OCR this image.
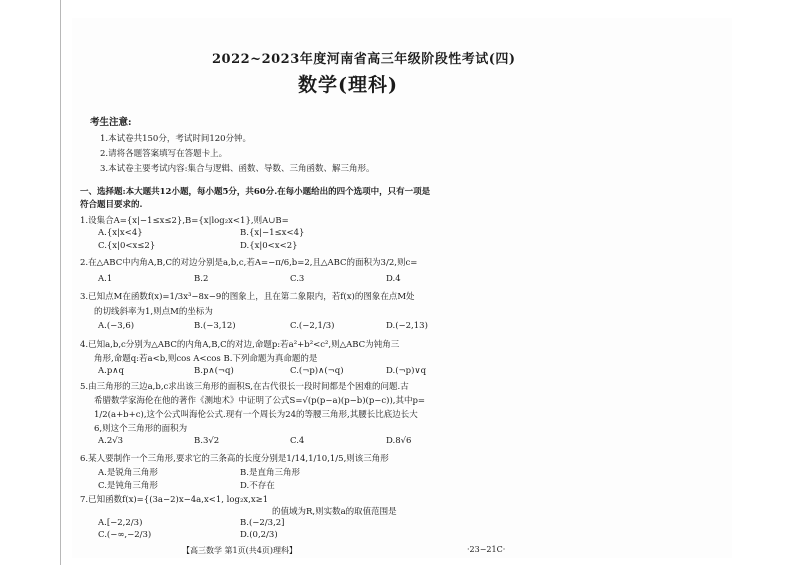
2022~2023年度河南省高三年级阶段性考试(四)
数学(理科)
考生注意:
1.本试卷共150分，考试时间120分钟。
2.请将各题答案填写在答题卡上。
3.本试卷主要考试内容:集合与逻辑、函数、导数、三角函数、解三角形。
一、选择题:本大题共12小题，每小题5分，共60分.在每小题给出的四个选项中，只有一项是
符合题目要求的.
1.设集合A={x|−1≤x≤2},B={x|log₂x<1},则A∪B=
A.{x|x<4}	B.{x|−1≤x<4}
C.{x|0<x≤2}	D.{x|0<x<2}
2.在△ABC中内角A,B,C的对边分别是a,b,c,若A=−π/6,b=2,且△ABC的面积为3/2,则c=
A.1	B.2	C.3	D.4
3.已知点M在函数f(x)=1/3x³−8x−9的图象上，且在第二象限内，若f(x)的图象在点M处
的切线斜率为1,则点M的坐标为
A.(−3,6)	B.(−3,12)	C.(−2,1/3)	D.(−2,13)
4.已知a,b,c分别为△ABC的内角A,B,C的对边,命题p:若a²+b²<c²,则△ABC为钝角三
角形,命题q:若a<b,则cos A<cos B.下列命题为真命题的是
A.p∧q	B.p∧(¬q)	C.(¬p)∧(¬q)	D.(¬p)∨q
5.由三角形的三边a,b,c求出该三角形的面积S,在古代很长一段时间都是个困难的问题.古
希腊数学家海伦在他的著作《测地术》中证明了公式S=√(p(p−a)(p−b)(p−c)),其中p=
1/2(a+b+c),这个公式叫海伦公式.现有一个周长为24的等腰三角形,其腰长比底边长大
6,则这个三角形的面积为
A.2√3	B.3√2	C.4	D.8√6
6.某人要制作一个三角形,要求它的三条高的长度分别是1/14,1/10,1/5,则该三角形
A.是锐角三角形	B.是直角三角形
C.是钝角三角形	D.不存在
7.已知函数f(x)={(3a−2)x−4a,x<1, log₂x,x≥1
的值域为R,则实数a的取值范围是
A.[−2,2/3)	B.(−2/3,2]
C.(−∞,−2/3)	D.(0,2/3)
【高三数学 第1页(共4页)理科】	·23−21C·
